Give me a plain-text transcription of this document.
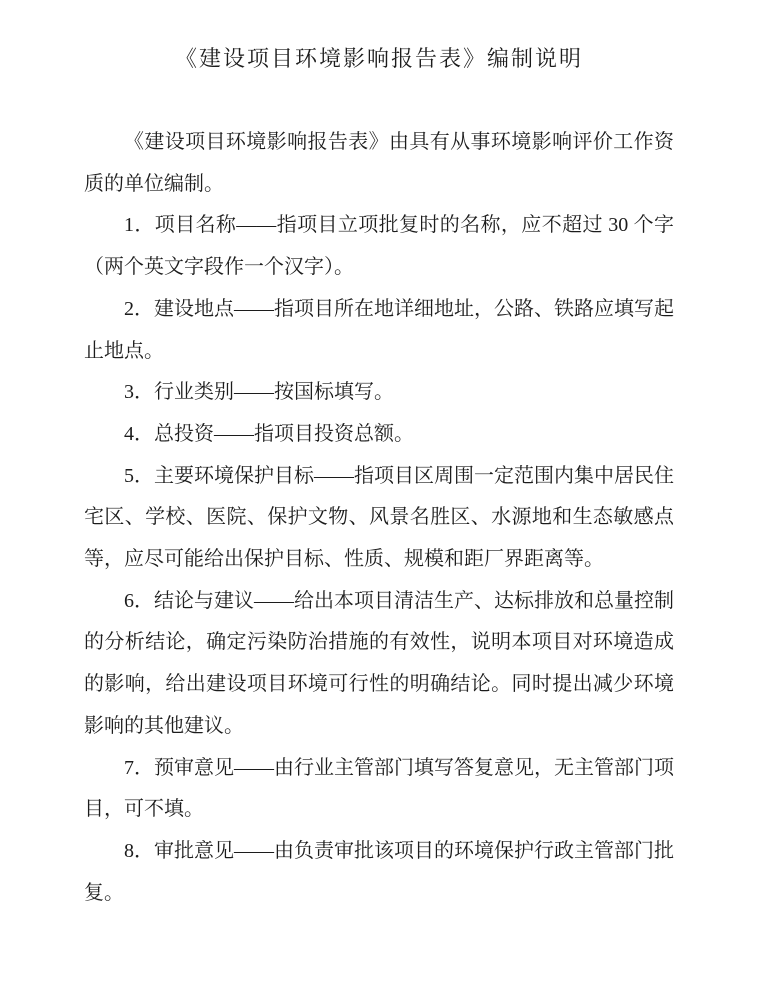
《建设项目环境影响报告表》编制说明

《建设项目环境影响报告表》由具有从事环境影响评价工作资质的单位编制。

1．项目名称——指项目立项批复时的名称，应不超过 30 个字（两个英文字段作一个汉字）。

2．建设地点——指项目所在地详细地址，公路、铁路应填写起止地点。

3．行业类别——按国标填写。

4．总投资——指项目投资总额。

5．主要环境保护目标——指项目区周围一定范围内集中居民住宅区、学校、医院、保护文物、风景名胜区、水源地和生态敏感点等，应尽可能给出保护目标、性质、规模和距厂界距离等。

6．结论与建议——给出本项目清洁生产、达标排放和总量控制的分析结论，确定污染防治措施的有效性，说明本项目对环境造成的影响，给出建设项目环境可行性的明确结论。同时提出减少环境影响的其他建议。

7．预审意见——由行业主管部门填写答复意见，无主管部门项目，可不填。

8．审批意见——由负责审批该项目的环境保护行政主管部门批复。
